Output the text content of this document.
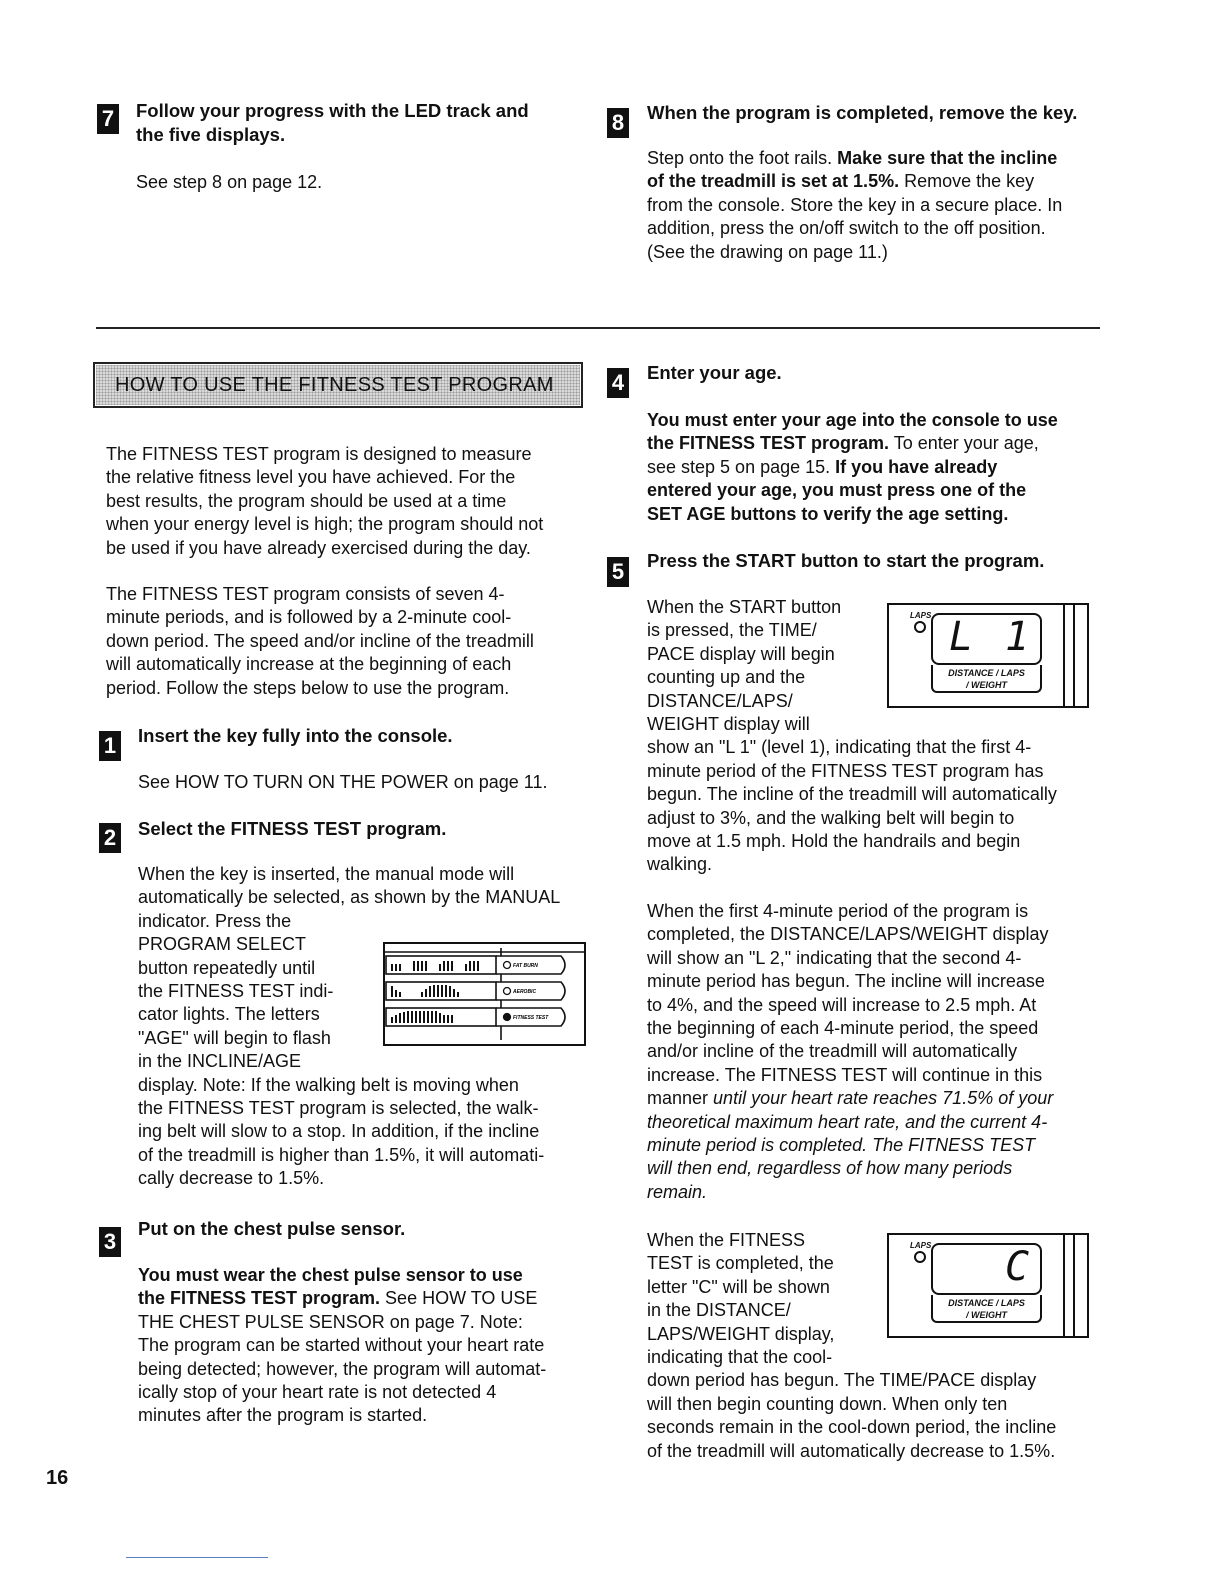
7 Follow your progress with the LED track and
the five displays.
See step 8 on page 12.
8 When the program is completed, remove the key.

Step onto the foot rails. Make sure that the incline

of the treadmill is set at 1.5%. Remove the key

from the console. Store the key in a secure place. In

addition, press the on/off switch to the off position.

(See the drawing on page 11.)

HOW TO USE THE FITNESS TEST PROGRAM

The FITNESS TEST program is designed to measure

the relative fitness level you have achieved. For the

best results, the program should be used at a time

when your energy level is high; the program should not

be used if you have already exercised during the day.

The FITNESS TEST program consists of seven 4-

minute periods, and is followed by a 2-minute cool-

down period. The speed and/or incline of the treadmill

will automatically increase at the beginning of each

period. Follow the steps below to use the program.

1 Insert the key fully into the console.
See HOW TO TURN ON THE POWER on page 11.
2 Select the FITNESS TEST program.

When the key is inserted, the manual mode will

automatically be selected, as shown by the MANUAL

indicator. Press the

PROGRAM SELECT

button repeatedly until

the FITNESS TEST indi-

cator lights. The letters

"AGE" will begin to flash

in the INCLINE/AGE

display. Note: If the walking belt is moving when

the FITNESS TEST program is selected, the walk-

ing belt will slow to a stop. In addition, if the incline

of the treadmill is higher than 1.5%, it will automati-

cally decrease to 1.5%.

FAT BURN
AEROBIC
FITNESS TEST
3
Put on the chest pulse sensor.

You must wear the chest pulse sensor to use

the FITNESS TEST program. See HOW TO USE

THE CHEST PULSE SENSOR on page 7. Note:

The program can be started without your heart rate

being detected; however, the program will automat-

ically stop of your heart rate is not detected 4

minutes after the program is started.

4 Enter your age.

You must enter your age into the console to use

the FITNESS TEST program. To enter your age,

see step 5 on page 15. If you have already

entered your age, you must press one of the

SET AGE buttons to verify the age setting.

5 Press the START button to start the program.

When the START button

is pressed, the TIME/

PACE display will begin

counting up and the

DISTANCE/LAPS/

WEIGHT display will

show an "L 1" (level 1), indicating that the first 4-

minute period of the FITNESS TEST program has

begun. The incline of the treadmill will automatically

adjust to 3%, and the walking belt will begin to

move at 1.5 mph. Hold the handrails and begin

walking.

LAPS L 1
DISTANCE / LAPS
/ WEIGHT

When the first 4-minute period of the program is

completed, the DISTANCE/LAPS/WEIGHT display

will show an "L 2," indicating that the second 4-

minute period has begun. The incline will increase

to 4%, and the speed will increase to 2.5 mph. At

the beginning of each 4-minute period, the speed

and/or incline of the treadmill will automatically

increase. The FITNESS TEST will continue in this

manner until your heart rate reaches 71.5% of your

theoretical maximum heart rate, and the current 4-

minute period is completed. The FITNESS TEST

will then end, regardless of how many periods

remain.

LAPS C
DISTANCE / LAPS
/ WEIGHT

When the FITNESS

TEST is completed, the

letter "C" will be shown

in the DISTANCE/

LAPS/WEIGHT display,

indicating that the cool-

down period has begun. The TIME/PACE display

will then begin counting down. When only ten

seconds remain in the cool-down period, the incline

of the treadmill will automatically decrease to 1.5%.

16
